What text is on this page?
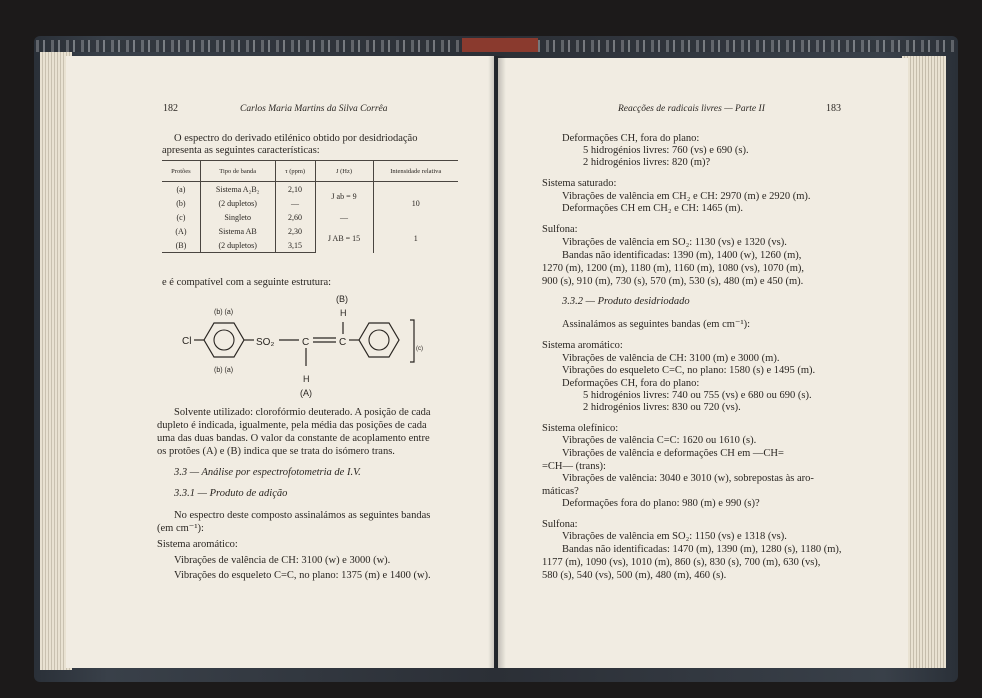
182	Carlos Maria Martins da Silva Corrêa
O espectro do derivado etilénico obtido por desidriodação
apresenta as seguintes características:
Protões	Tipo de banda	τ (ppm)	J (Hz)	Intensidade relativa
(a)	Sistema A₂B₂	2,10	J ab = 9	10
(b)	(2 dupletos)	—		
(c)	Singleto	2,60	—	
(A)	Sistema AB	2,30	J AB = 15	1
(B)	(2 dupletos)	3,15		
e é compatível com a seguinte estrutura:
(B)
H
(b) (a)
Cl	SO₂	C	C
(c)
(b) (a)
H
(A)
Solvente utilizado: clorofórmio deuterado. A posição de cada
dupleto é indicada, igualmente, pela média das posições de cada
uma das duas bandas. O valor da constante de acoplamento entre
os protões (A) e (B) indica que se trata do isómero trans.
3.3 — Análise por espectrofotometria de I.V.
3.3.1 — Produto de adição
No espectro deste composto assinalámos as seguintes bandas
(em cm⁻¹):
Sistema aromático:
Vibrações de valência de CH: 3100 (w) e 3000 (w).
Vibrações do esqueleto C=C, no plano: 1375 (m) e 1400 (w).
Reacções de radicais livres — Parte II	183
Deformações CH, fora do plano:
5 hidrogénios livres: 760 (vs) e 690 (s).
2 hidrogénios livres: 820 (m)?
Sistema saturado:
Vibrações de valência em CH₂ e CH: 2970 (m) e 2920 (m).
Deformações CH em CH₂ e CH: 1465 (m).
Sulfona:
Vibrações de valência em SO₂: 1130 (vs) e 1320 (vs).
Bandas não identificadas: 1390 (m), 1400 (w), 1260 (m),
1270 (m), 1200 (m), 1180 (m), 1160 (m), 1080 (vs), 1070 (m),
900 (s), 910 (m), 730 (s), 570 (m), 530 (s), 480 (m) e 450 (m).
3.3.2 — Produto desidriodado
Assinalámos as seguintes bandas (em cm⁻¹):
Sistema aromático:
Vibrações de valência de CH: 3100 (m) e 3000 (m).
Vibrações do esqueleto C=C, no plano: 1580 (s) e 1495 (m).
Deformações CH, fora do plano:
5 hidrogénios livres: 740 ou 755 (vs) e 680 ou 690 (s).
2 hidrogénios livres: 830 ou 720 (vs).
Sistema olefínico:
Vibrações de valência C=C: 1620 ou 1610 (s).
Vibrações de valência e deformações CH em —CH=
=CH— (trans):
Vibrações de valência: 3040 e 3010 (w), sobrepostas às aro-
máticas?
Deformações fora do plano: 980 (m) e 990 (s)?
Sulfona:
Vibrações de valência em SO₂: 1150 (vs) e 1318 (vs).
Bandas não identificadas: 1470 (m), 1390 (m), 1280 (s), 1180 (m),
1177 (m), 1090 (vs), 1010 (m), 860 (s), 830 (s), 700 (m), 630 (vs),
580 (s), 540 (vs), 500 (m), 480 (m), 460 (s).
